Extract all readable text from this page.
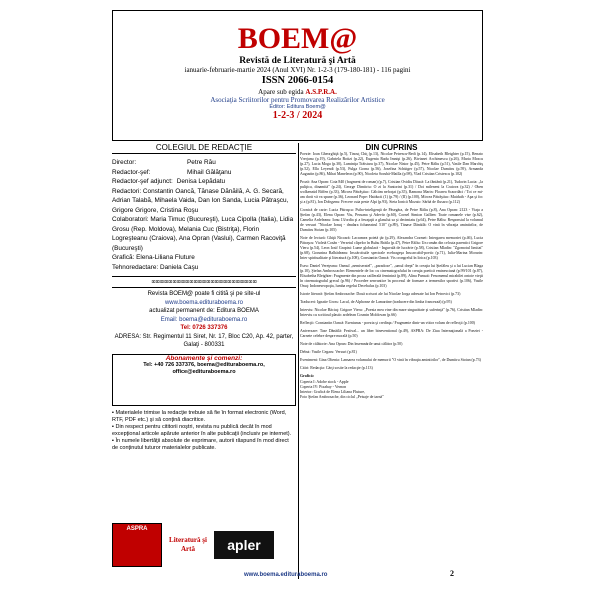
BOEM@
Revistă de Literatură şi Artă
ianuarie-februarie-martie 2024 (Anul XVI) Nr. 1-2-3 (179-180-181) - 116 pagini
ISSN 2066-0154
Apare sub egida A.S.P.R.A.
Asociaţia Scriitorilor pentru Promovarea Realizărilor Artistice
Editor: Editura Boem@
1-2-3 / 2024
COLEGIUL DE REDACŢIE
Director:	Petre Rău
Redactor-şef:	Mihail Gălăţanu
Redactor-şef adjunct: Denisa Lepădatu
Redactori: Constantin Oancă, Tănase Dănăilă, A. G. Secară, Adrian Talabă, Mihaela Vaida, Dan Ion Sanda, Lucia Pătraşcu, Grigore Grigore, Cristina Roşu
Colaboratori: Maria Timuc (Bucureşti), Luca Cipolla (Italia), Lidia Grosu (Rep. Moldova), Melania Cuc (Bistriţa), Florin Logreşteanu (Craiova), Ana Opran (Vaslui), Carmen Racoviţă (Bucureşti)
Grafică: Elena-Liliana Fluture
Tehnoredactare: Daniela Caşu
⌧⌧⌧⌧⌧⌧⌧⌧⌧⌧⌧⌧⌧⌧⌧⌧⌧⌧⌧⌧⌧⌧⌧⌧⌧
Revista BOEM@ poate fi citită şi pe site-ul
www.boema.edituraboema.ro
actualizat permanent de: Editura BOEMA
Email: boema@edituraboema.ro
Tel: 0726 337376
ADRESA: Str. Regimentul 11 Siret, Nr. 17, Bloc C20, Ap. 42, parter, Galaţi - 800331
Abonamente şi comenzi:
Tel: +40 726 337376, boema@edituraboema.ro, office@edituraboema.ro
▪ Materialele trimise la redacţie trebuie să fie în format electronic (Word, RTF, PDF etc.) şi să conţină diacritice.
▪ Din respect pentru cititorii noştri, revista nu publică decât în mod excepţional articole apărute anterior în alte publicaţii (inclusiv pe internet).
▪ În numele libertăţii absolute de exprimare, autorii răspund în mod direct de conţinutul tuturor materialelor publicate.
ASPRA
Literatură şi Artă	apler
DIN CUPRINS

Poezie: Ioan Gheorghiţă (p.5), Tincuţ Chiţ (p.13), Nicolae Petrescu-Redi (p.14), Elisabeth Bleighter (p.15), Renato Vrerjanu (p.19), Gabriela Botizi (p.22), Eugenia Radu Imnişi (p.26), Bivianet Archimescu (p.26), Maria Moscu (p.27), Lucia Moga (p.30), Luminiţa Trăistaru (p.37), Nicolae Nistor (p.45), Petre Răliu (p.51), Vasile Dan Marchiş (p.52), Ella Leyendi (p.53), Fulga Gorna (p.56), Josefina Schütger (p.57), Nicolae Dumitru (p.59), Armanda Augustin (p.86), Mihai Maneleon (p.90), Nicoleta Sorubă-Mailla (p.98), Vlad Cristian Cristescu (p.102)

Proză: Ana Opran: Cota 840 (fragment de roman) (p.7), Cristian Ovidiu Dăucă: La fântână (p.21), Tudorin Lucia: „la puliţica, dinamită" (p.24), George Dimitriu: O zi la Santorini (p.31) / Doi mileneni la Craiova (p.32) / Oben wolkenzüd Biffen (p.33), Mircea Pătrâştiuc: Călcăm neforţat (p.35), Ramona Marin: Floarea Scaordăci / Tot ce mi-am dorit vă va spune (p.36), Leonard Pope: Haiducii (1) (p.79) / (II) (p.100), Mircea Pătrâştiuc: Maiduth - Apa şi foc şi a (p.81), Ion Dobşşenu: Frecere cuia peste Alpi (p.93), Sieta Ionică Mozaic: Sărbă de flusaro (p.112)

Cronică de carte: Lucia Pătraşcu: Psiho-inteligenţă de Păsegăra, de Petre Răliu (p.8), Ana Opran: 2123 - Viaţa a Ştefan (p.43), Elena Opran: Viu, Peruana şi Adevăr (p.60), Cornel Simion Gallien: Toate romanele vise (p.62), Camelia Ardeleanu: Ionu 13/ordia şi a învaţaţii a glasului sa şi decimiatu (p.64), Petre Răliu: Responsiul la volumul de versuri "Nicolae Ionuţ - dmdara foluneatrul 510" (p.89), Tănase Dănăilă: O vină în vibraţia amintirilor, de Dumitru Stoian (p.105)

Note de lectură: Ghiţă Nicoară: Lacramea poietă ţăr (p.29), Alexandra Cozmei: Intergarea memoriei (p.46), Lucia Pătraşcu: Violetă Cosân - Versetul clipelor în Buhu Brăila (p.47), Petre Răliu: Un român din celcuta parentici Grigore Vieru (p.54), Leon Iosif Grapini: Lume globulară - Inguvală de lucrărie (p.58), Cristian Mladin: "Zgomotul limitat" (p.68), Gorunina Balbădeanu: Inscărcituile spectrale ecebrageşa Inscarcabil-poetic (p.71), Iulia-Marina Morarin: Inter spiritualitate şi literatură (p.108), Constantin Oancă: Vis crongrelul în lirica (p.103)

Eseu: Daniel Vereţeanu: Oamul „nemiseratel", „paradoxe", „umul drept" în creaţia lui Ştefăleu şi a lui Lucian Blaga (p.10), Ştefan Ambroscache: Elementele de loc cu cinematografului în creaţia poetică eminesciană (p.99/101 (p.87), Elisabetha Bleighter: Fragmente din proza caillerală feminină (p.89), Alina Pamuit: Fenomenul mirabilei ontoie vieţii în cinematograful grecul (p.96) / Procedee senvantice în procesul de formare a termenilor sportivi (p.106), Vasile Onuţ: Indoneseopoţia, lumba regelui Decebalus (p.103)

Istorie literară: Ştefan Ambrosache: Două scrisori ale lui Nicolae Iorga adresate lui Ion Petrovici (p.73)

Traduceri: Ignatie Gross: Lacul, de Alphonse de Lamartine (traducere din limba francezaă) (p.95)

Interviu: Nicolae Băciuţ: Grigore Vieru: „Poezia mea vine din mare singurătate şi suferinţă" (p.76), Cristian Mladin: Interviu cu scriitoul plastic ardelean Cosmin Moldovan (p.66)

Reflecţii: Constantin Oancă: Esenianus - poezia şi credinţa / Fragmente dintr-un viitor volum de reflecţii (p.100)

Aniversare: Tase Dănăilă: Festival... un liber bineventional (p.49), ASPRA: De Ziua Internaţională a Poeziei - Carnete celebre despre morală (p.50)

Note de călătorie: Ana Opran: Din însemnările unui călător (p.50)

Debut: Vasile Cegaru: Versuri (p.81)

Eveniment: Gina Oltenia: Lansarea volumului de memorii "O vină în vibraţia amintirilor", de Dumitru Stoian (p.73)

Citiri: Redacţia: Cărţi sosite la redacţie (p.113)

Grafică:

Coperta I: Adobe stock - Apple
Coperta IV: Pixabay - Vernon
Interior: Grafică de Elena Liliana Fluture,
Foto Ştefan Ambrosache, din ciclul „Peisaje de iarnă"
www.boema.edituraboema.ro	2
